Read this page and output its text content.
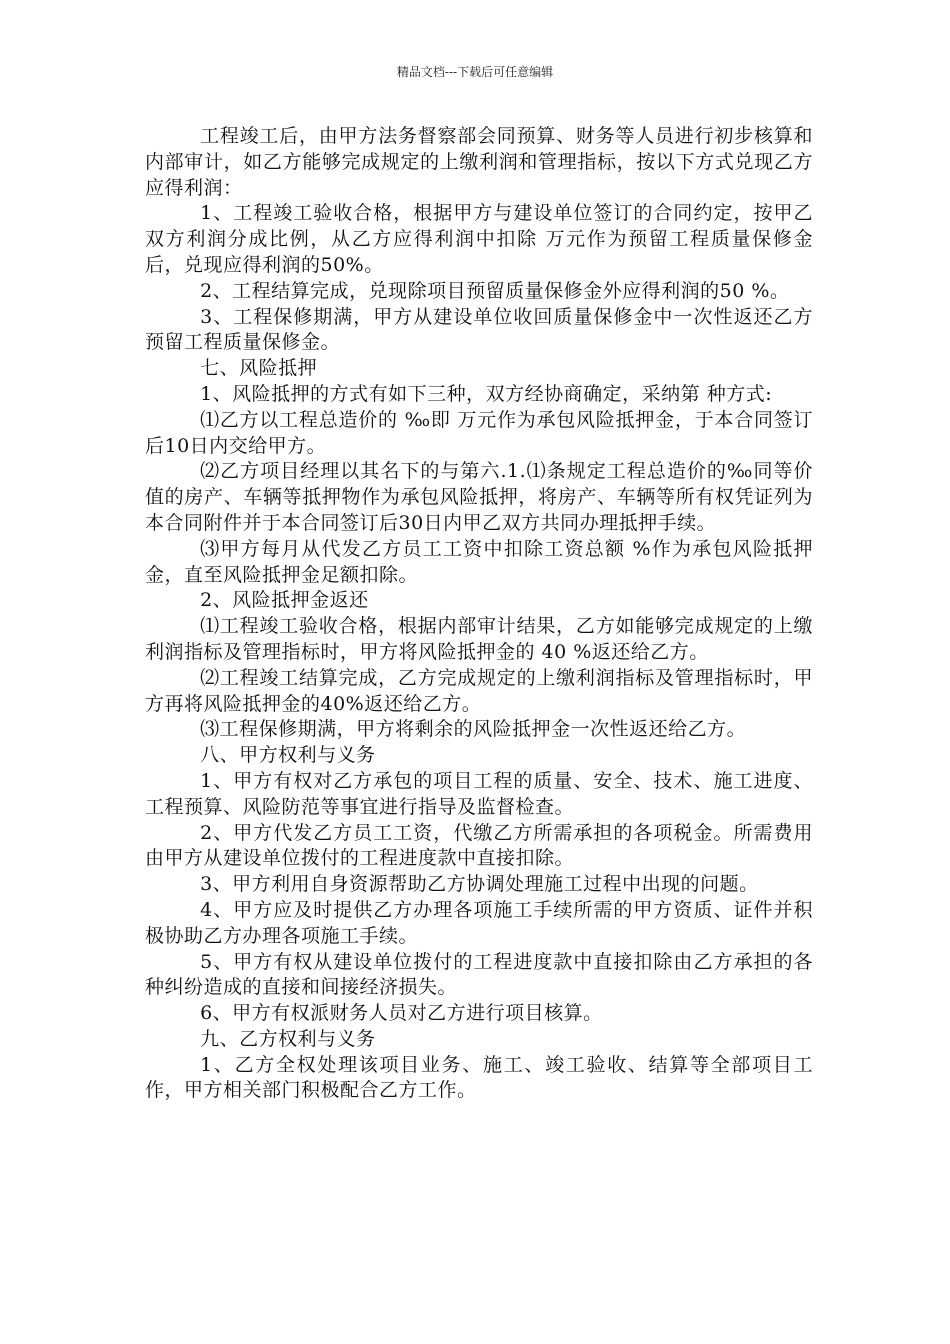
精品文档---下载后可任意编辑

工程竣工后，由甲方法务督察部会同预算、财务等人员进行初步核算和内部审计，如乙方能够完成规定的上缴利润和管理指标，按以下方式兑现乙方应得利润：

1、工程竣工验收合格，根据甲方与建设单位签订的合同约定，按甲乙双方利润分成比例，从乙方应得利润中扣除 万元作为预留工程质量保修金后，兑现应得利润的50%。

2、工程结算完成，兑现除项目预留质量保修金外应得利润的50 %。

3、工程保修期满，甲方从建设单位收回质量保修金中一次性返还乙方预留工程质量保修金。

七、风险抵押

1、风险抵押的方式有如下三种，双方经协商确定，采纳第 种方式:

⑴乙方以工程总造价的 ‰即 万元作为承包风险抵押金，于本合同签订后10日内交给甲方。

⑵乙方项目经理以其名下的与第六.1.⑴条规定工程总造价的‰同等价值的房产、车辆等抵押物作为承包风险抵押，将房产、车辆等所有权凭证列为本合同附件并于本合同签订后30日内甲乙双方共同办理抵押手续。

⑶甲方每月从代发乙方员工工资中扣除工资总额 %作为承包风险抵押金，直至风险抵押金足额扣除。

2、风险抵押金返还

⑴工程竣工验收合格，根据内部审计结果，乙方如能够完成规定的上缴利润指标及管理指标时，甲方将风险抵押金的 40 %返还给乙方。

⑵工程竣工结算完成，乙方完成规定的上缴利润指标及管理指标时，甲方再将风险抵押金的40%返还给乙方。

⑶工程保修期满，甲方将剩余的风险抵押金一次性返还给乙方。

八、甲方权利与义务

1、甲方有权对乙方承包的项目工程的质量、安全、技术、施工进度、工程预算、风险防范等事宜进行指导及监督检查。

2、甲方代发乙方员工工资，代缴乙方所需承担的各项税金。所需费用由甲方从建设单位拨付的工程进度款中直接扣除。

3、甲方利用自身资源帮助乙方协调处理施工过程中出现的问题。

4、甲方应及时提供乙方办理各项施工手续所需的甲方资质、证件并积极协助乙方办理各项施工手续。

5、甲方有权从建设单位拨付的工程进度款中直接扣除由乙方承担的各种纠纷造成的直接和间接经济损失。

6、甲方有权派财务人员对乙方进行项目核算。

九、乙方权利与义务

1、乙方全权处理该项目业务、施工、竣工验收、结算等全部项目工作，甲方相关部门积极配合乙方工作。
